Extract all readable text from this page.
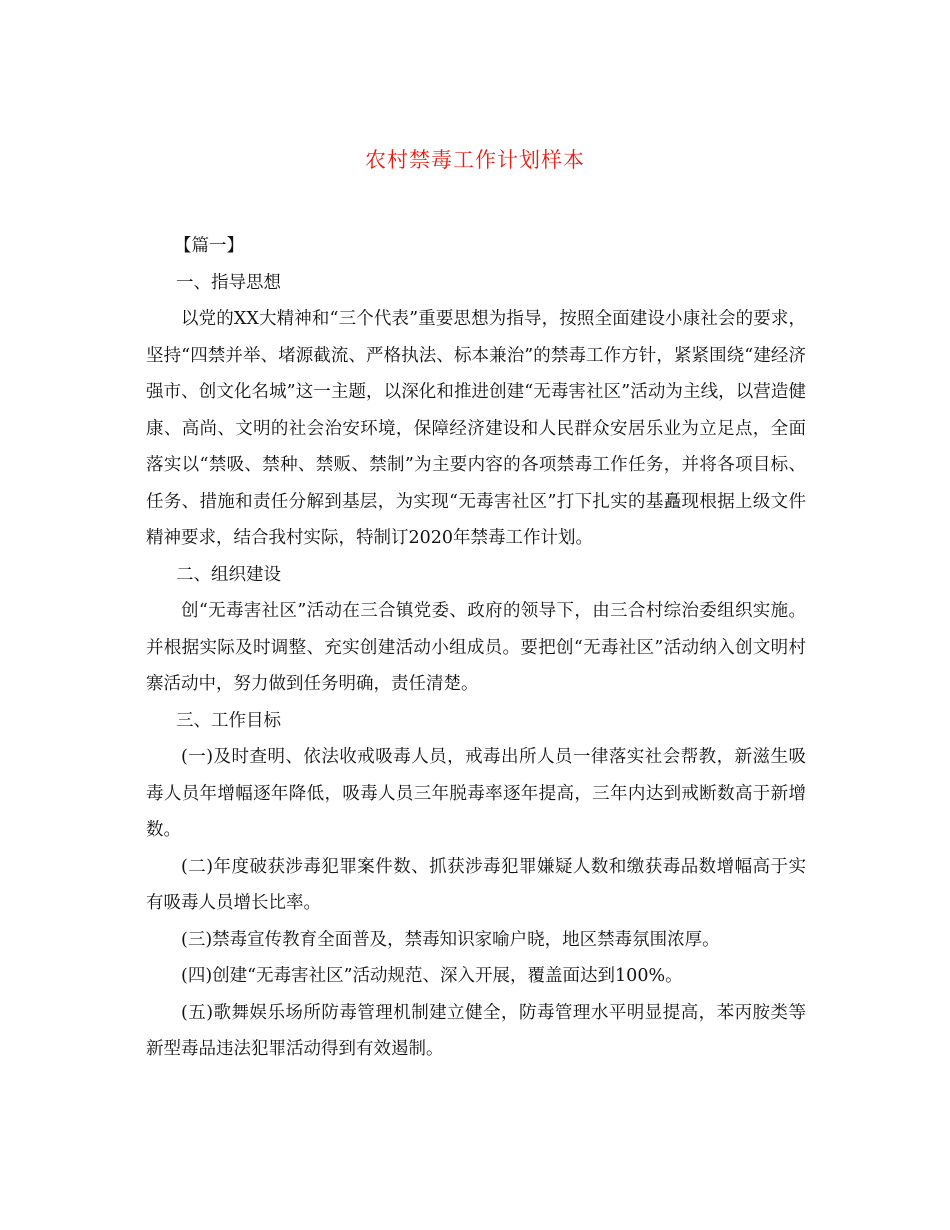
农村禁毒工作计划样本

【篇一】

一、指导思想

以党的XX大精神和“三个代表”重要思想为指导，按照全面建设小康社会的要求，坚持“四禁并举、堵源截流、严格执法、标本兼治”的禁毒工作方针，紧紧围绕“建经济强市、创文化名城”这一主题，以深化和推进创建“无毒害社区”活动为主线，以营造健康、高尚、文明的社会治安环境，保障经济建设和人民群众安居乐业为立足点，全面落实以“禁吸、禁种、禁贩、禁制”为主要内容的各项禁毒工作任务，并将各项目标、任务、措施和责任分解到基层，为实现“无毒害社区”打下扎实的基矗现根据上级文件精神要求，结合我村实际，特制订2020年禁毒工作计划。

二、组织建设

创“无毒害社区”活动在三合镇党委、政府的领导下，由三合村综治委组织实施。并根据实际及时调整、充实创建活动小组成员。要把创“无毒社区”活动纳入创文明村寨活动中，努力做到任务明确，责任清楚。

三、工作目标

(一)及时查明、依法收戒吸毒人员，戒毒出所人员一律落实社会帮教，新滋生吸毒人员年增幅逐年降低，吸毒人员三年脱毒率逐年提高，三年内达到戒断数高于新增数。

(二)年度破获涉毒犯罪案件数、抓获涉毒犯罪嫌疑人数和缴获毒品数增幅高于实有吸毒人员增长比率。

(三)禁毒宣传教育全面普及，禁毒知识家喻户晓，地区禁毒氛围浓厚。

(四)创建“无毒害社区”活动规范、深入开展，覆盖面达到100%。

(五)歌舞娱乐场所防毒管理机制建立健全，防毒管理水平明显提高，苯丙胺类等新型毒品违法犯罪活动得到有效遏制。
